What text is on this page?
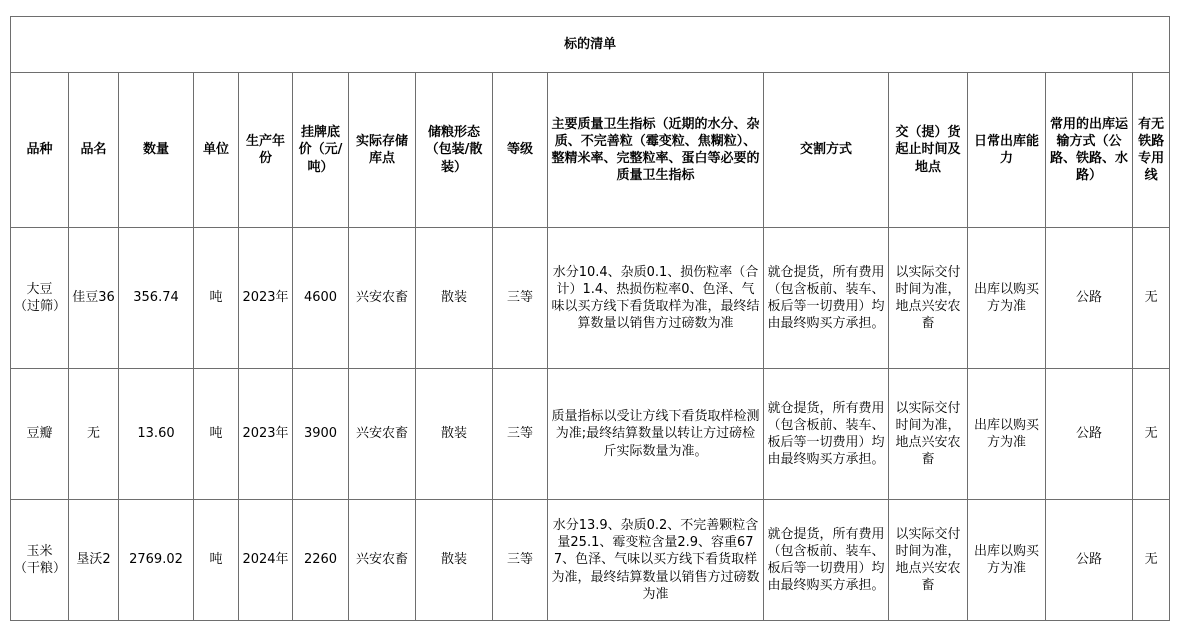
标的清单														
品种	品名	数量	单位	生产年份	挂牌底价（元/吨）	实际存储库点	储粮形态（包装/散装）	等级	主要质量卫生指标（近期的水分、杂质、不完善粒（霉变粒、焦糊粒）、整精米率、完整粒率、蛋白等必要的质量卫生指标	交割方式	交（提）货起止时间及地点	日常出库能力	常用的出库运输方式（公路、铁路、水路）	有无铁路专用线
大豆（过筛）	佳豆36	356.74	吨	2023年	4600	兴安农畜	散装	三等	水分10.4、杂质0.1、损伤粒率（合计）1.4、热损伤粒率0、色泽、气味以买方线下看货取样为准，最终结算数量以销售方过磅数为准	就仓提货，所有费用（包含板前、装车、板后等一切费用）均由最终购买方承担。	以实际交付时间为准，地点兴安农畜	出库以购买方为准	公路	无
豆瓣	无	13.60	吨	2023年	3900	兴安农畜	散装	三等	质量指标以受让方线下看货取样检测为准;最终结算数量以转让方过磅检斤实际数量为准。	就仓提货，所有费用（包含板前、装车、板后等一切费用）均由最终购买方承担。	以实际交付时间为准，地点兴安农畜	出库以购买方为准	公路	无
玉米（干粮）	垦沃2	2769.02	吨	2024年	2260	兴安农畜	散装	三等	水分13.9、杂质0.2、不完善颗粒含量25.1、霉变粒含量2.9、容重677、色泽、气味以买方线下看货取样为准，最终结算数量以销售方过磅数为准	就仓提货，所有费用（包含板前、装车、板后等一切费用）均由最终购买方承担。	以实际交付时间为准，地点兴安农畜	出库以购买方为准	公路	无
